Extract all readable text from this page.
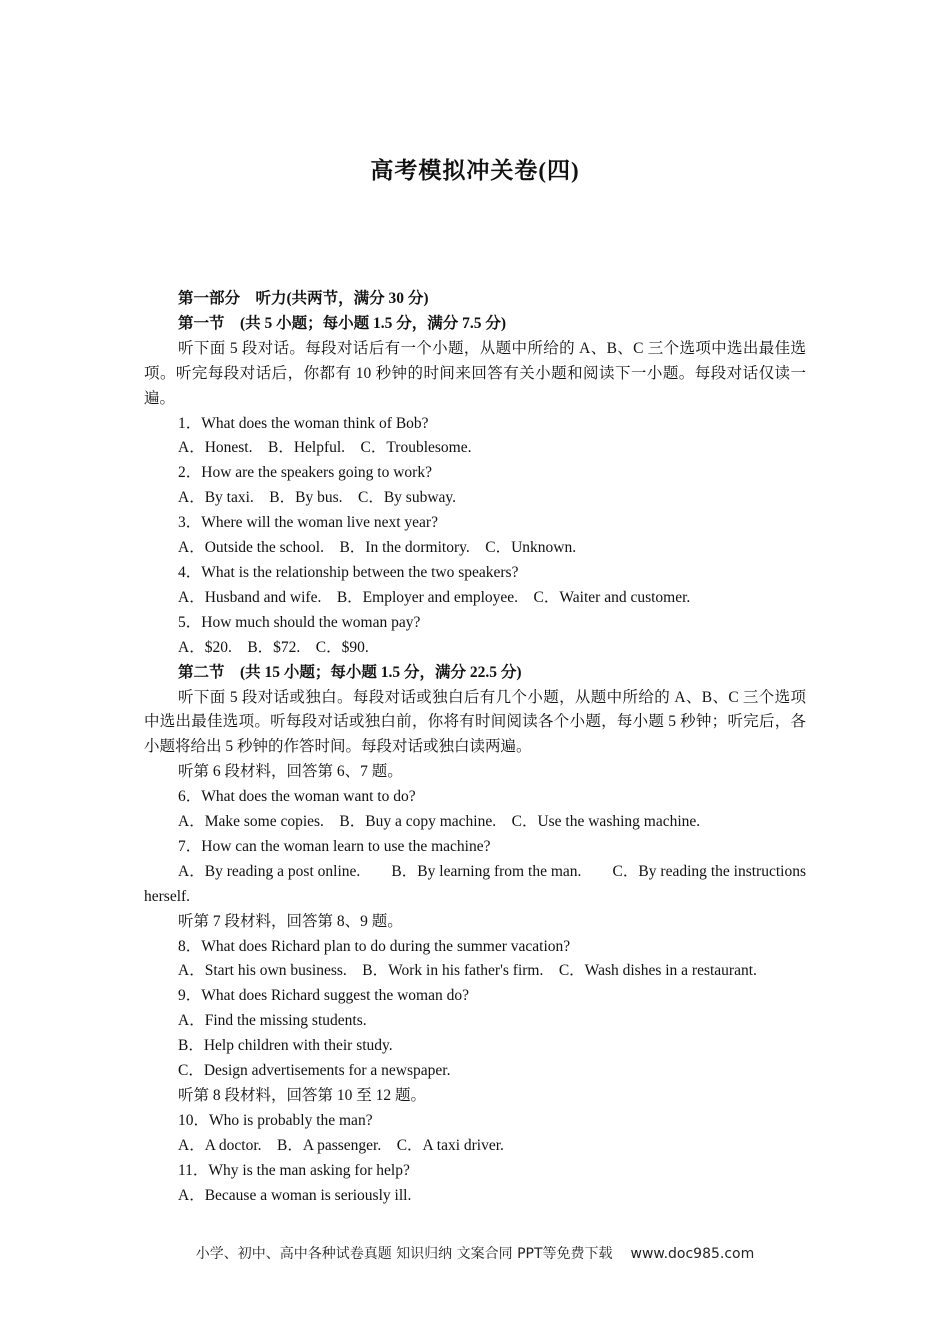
高考模拟冲关卷(四)

第一部分　听力(共两节，满分 30 分)

第一节　(共 5 小题；每小题 1.5 分，满分 7.5 分)

听下面 5 段对话。每段对话后有一个小题，从题中所给的 A、B、C 三个选项中选出最佳选项。听完每段对话后，你都有 10 秒钟的时间来回答有关小题和阅读下一小题。每段对话仅读一遍。

1．What does the woman think of Bob?

A．Honest.　B．Helpful.　C．Troublesome.

2．How are the speakers going to work?

A．By taxi.　B．By bus.　C．By subway.

3．Where will the woman live next year?

A．Outside the school.　B．In the dormitory.　C．Unknown.

4．What is the relationship between the two speakers?

A．Husband and wife.　B．Employer and employee.　C．Waiter and customer.

5．How much should the woman pay?

A．$20.　B．$72.　C．$90.

第二节　(共 15 小题；每小题 1.5 分，满分 22.5 分)

听下面 5 段对话或独白。每段对话或独白后有几个小题，从题中所给的 A、B、C 三个选项中选出最佳选项。听每段对话或独白前，你将有时间阅读各个小题，每小题 5 秒钟；听完后，各小题将给出 5 秒钟的作答时间。每段对话或独白读两遍。

听第 6 段材料，回答第 6、7 题。

6．What does the woman want to do?

A．Make some copies.　B．Buy a copy machine.　C．Use the washing machine.

7．How can the woman learn to use the machine?

A．By reading a post online.　　B．By learning from the man.　　C．By reading the instructions herself.

听第 7 段材料，回答第 8、9 题。

8．What does Richard plan to do during the summer vacation?

A．Start his own business.　B．Work in his father's firm.　C．Wash dishes in a restaurant.

9．What does Richard suggest the woman do?

A．Find the missing students.

B．Help children with their study.

C．Design advertisements for a newspaper.

听第 8 段材料，回答第 10 至 12 题。

10．Who is probably the man?

A．A doctor.　B．A passenger.　C．A taxi driver.

11．Why is the man asking for help?

A．Because a woman is seriously ill.

小学、初中、高中各种试卷真题 知识归纳 文案合同 PPT等免费下载 www.doc985.com
